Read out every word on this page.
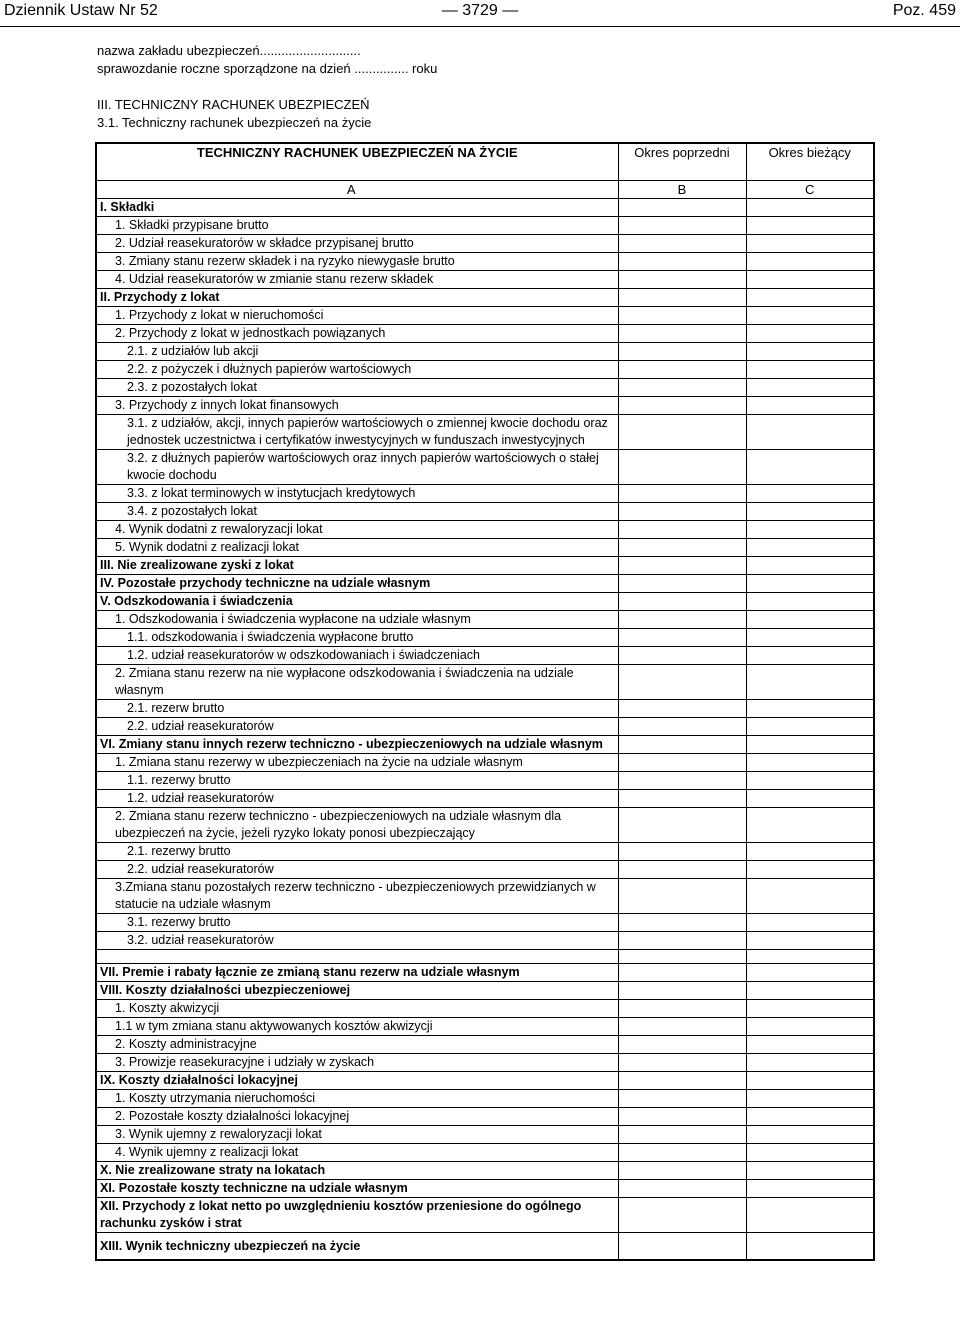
Dziennik Ustaw Nr 52	— 3729 —	Poz. 459
nazwa zakładu ubezpieczeń............................
sprawozdanie roczne sporządzone na dzień ............... roku
III. TECHNICZNY RACHUNEK UBEZPIECZEŃ
3.1. Techniczny rachunek ubezpieczeń na życie
TECHNICZNY RACHUNEK UBEZPIECZEŃ NA ŻYCIE	Okres poprzedni	Okres bieżący
A	B	C
I. Składki		
1. Składki przypisane brutto		
2. Udział reasekuratorów w składce przypisanej brutto		
3. Zmiany stanu rezerw składek i na ryzyko niewygasłe brutto		
4. Udział reasekuratorów w zmianie stanu rezerw składek		
II. Przychody z lokat		
1. Przychody z lokat w nieruchomości		
2. Przychody z lokat w jednostkach powiązanych		
2.1. z udziałów lub akcji		
2.2. z pożyczek i dłużnych papierów wartościowych		
2.3. z pozostałych lokat		
3. Przychody z innych lokat finansowych		
3.1. z udziałów, akcji, innych papierów wartościowych o zmiennej kwocie dochodu oraz jednostek uczestnictwa i certyfikatów inwestycyjnych w funduszach inwestycyjnych		
3.2. z dłużnych papierów wartościowych oraz innych papierów wartościowych o stałej kwocie dochodu		
3.3. z lokat terminowych w instytucjach kredytowych		
3.4. z pozostałych lokat		
4. Wynik dodatni z rewaloryzacji lokat		
5. Wynik dodatni z realizacji lokat		
III. Nie zrealizowane zyski z lokat		
IV. Pozostałe przychody techniczne na udziale własnym		
V. Odszkodowania i świadczenia		
1. Odszkodowania i świadczenia wypłacone na udziale własnym		
1.1. odszkodowania i świadczenia wypłacone brutto		
1.2. udział reasekuratorów w odszkodowaniach i świadczeniach		
2. Zmiana stanu rezerw na nie wypłacone odszkodowania i świadczenia na udziale własnym		
2.1. rezerw brutto		
2.2. udział reasekuratorów		
VI. Zmiany stanu innych rezerw techniczno - ubezpieczeniowych na udziale własnym		
1. Zmiana stanu rezerwy w ubezpieczeniach na życie na udziale własnym		
1.1. rezerwy brutto		
1.2. udział reasekuratorów		
2. Zmiana stanu rezerw techniczno - ubezpieczeniowych na udziale własnym dla ubezpieczeń na życie, jeżeli ryzyko lokaty ponosi ubezpieczający		
2.1. rezerwy brutto		
2.2. udział reasekuratorów		
3.Zmiana stanu pozostałych rezerw techniczno - ubezpieczeniowych przewidzianych w statucie na udziale własnym		
3.1. rezerwy brutto		
3.2. udział reasekuratorów		

VII. Premie i rabaty łącznie ze zmianą stanu rezerw na udziale własnym		
VIII. Koszty działalności ubezpieczeniowej		
1. Koszty akwizycji		
1.1 w tym zmiana stanu aktywowanych kosztów akwizycji		
2. Koszty administracyjne		
3. Prowizje reasekuracyjne i udziały w zyskach		
IX. Koszty działalności lokacyjnej		
1. Koszty utrzymania nieruchomości		
2. Pozostałe koszty działalności lokacyjnej		
3. Wynik ujemny z rewaloryzacji lokat		
4. Wynik ujemny z realizacji lokat		
X. Nie zrealizowane straty na lokatach		
XI. Pozostałe koszty techniczne na udziale własnym		
XII. Przychody z lokat netto po uwzględnieniu kosztów przeniesione do ogólnego rachunku zysków i strat		
XIII. Wynik techniczny ubezpieczeń na życie		
